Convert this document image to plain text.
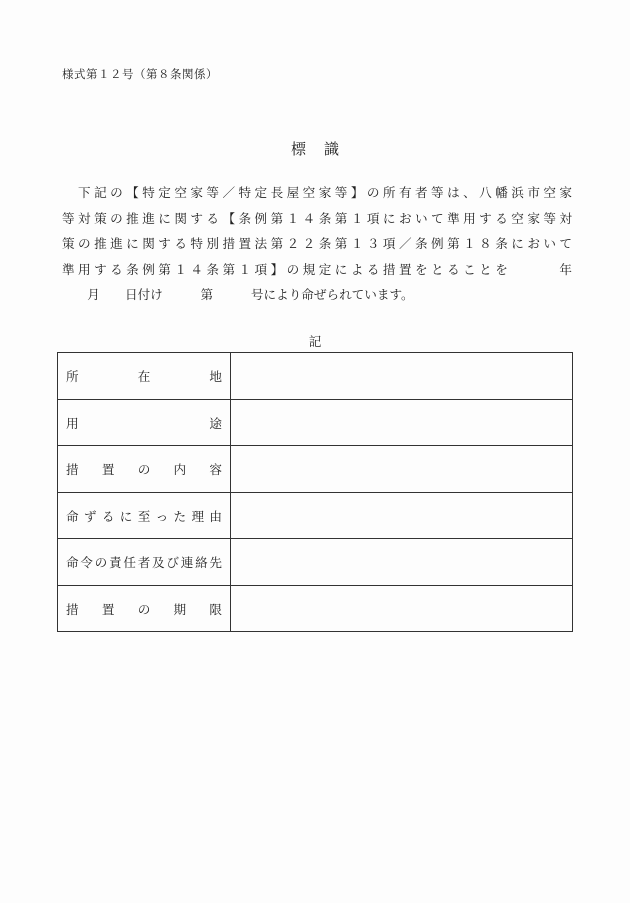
様式第１２号（第８条関係）
標識
　下記の【特定空家等／特定長屋空家等】の所有者等は、八幡浜市空家
等対策の推進に関する【条例第１４条第１項において準用する空家等対
策の推進に関する特別措置法第２２条第１３項／条例第１８条において
準用する条例第１４条第１項】の規定による措置をとることを　　　年
　　月　　日付け　　　第　　　号により命ぜられています。
記
所在地	

用途	

措置の内容	

命ずるに至った理由	

命令の責任者及び連絡先	

措置の期限	
